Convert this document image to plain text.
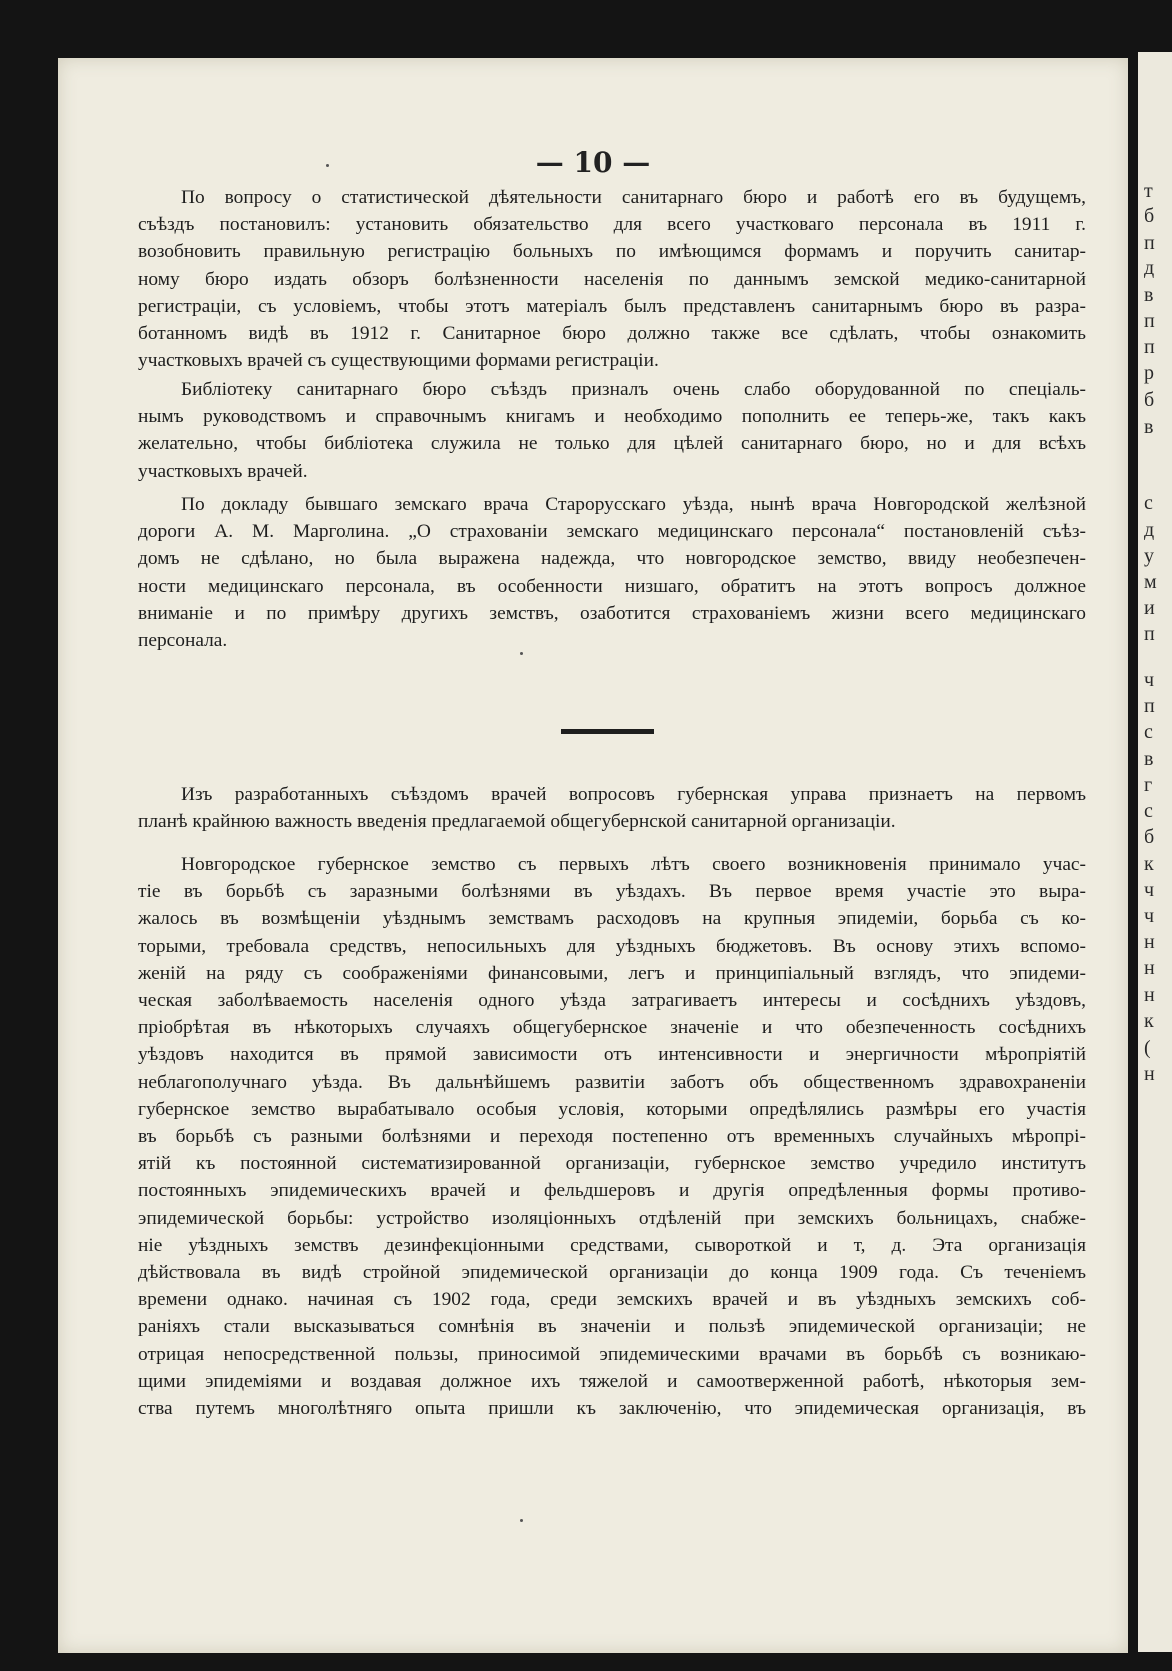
т
б
п
д
в
п
п
р
б
в
с
д
у
м
и
п
ч
п
с
в
г
с
б
к
ч
ч
н
н
н
к
(
н
— 10 —
По вопросу о статистической дѣятельности санитарнаго бюро и работѣ его въ будущемъ,
съѣздъ постановилъ: установить обязательство для всего участковаго персонала въ 1911 г.
возобновить правильную регистрацію больныхъ по имѣющимся формамъ и поручить санитар-
ному бюро издать обзоръ болѣзненности населенія по даннымъ земской медико-санитарной
регистраціи, съ условіемъ, чтобы этотъ матеріалъ былъ представленъ санитарнымъ бюро въ разра-
ботанномъ видѣ въ 1912 г. Санитарное бюро должно также все сдѣлать, чтобы ознакомить
участковыхъ врачей съ существующими формами регистраціи.
Библіотеку санитарнаго бюро съѣздъ призналъ очень слабо оборудованной по спеціаль-
нымъ руководствомъ и справочнымъ книгамъ и необходимо пополнить ее теперь-же, такъ какъ
желательно, чтобы библіотека служила не только для цѣлей санитарнаго бюро, но и для всѣхъ
участковыхъ врачей.
По докладу бывшаго земскаго врача Старорусскаго уѣзда, нынѣ врача Новгородской желѣзной
дороги А. М. Марголина. „О страхованіи земскаго медицинскаго персонала“ постановленій съѣз-
домъ не сдѣлано, но была выражена надежда, что новгородское земство, ввиду необезпечен-
ности медицинскаго персонала, въ особенности низшаго, обратитъ на этотъ вопросъ должное
вниманіе и по примѣру другихъ земствъ, озаботится страхованіемъ жизни всего медицинскаго
персонала.
Изъ разработанныхъ съѣздомъ врачей вопросовъ губернская управа признаетъ на первомъ
планѣ крайнюю важность введенія предлагаемой общегубернской санитарной организаціи.
Новгородское губернское земство съ первыхъ лѣтъ своего возникновенія принимало учас-
тіе въ борьбѣ съ заразными болѣзнями въ уѣздахъ. Въ первое время участіе это выра-
жалось въ возмѣщеніи уѣзднымъ земствамъ расходовъ на крупныя эпидеміи, борьба съ ко-
торыми, требовала средствъ, непосильныхъ для уѣздныхъ бюджетовъ. Въ основу этихъ вспомо-
женій на ряду съ соображеніями финансовыми, легъ и принципіальный взглядъ, что эпидеми-
ческая заболѣваемость населенія одного уѣзда затрагиваетъ интересы и сосѣднихъ уѣздовъ,
пріобрѣтая въ нѣкоторыхъ случаяхъ общегубернское значеніе и что обезпеченность сосѣднихъ
уѣздовъ находится въ прямой зависимости отъ интенсивности и энергичности мѣропріятій
неблагополучнаго уѣзда. Въ дальнѣйшемъ развитіи заботъ объ общественномъ здравохраненіи
губернское земство вырабатывало особыя условія, которыми опредѣлялись размѣры его участія
въ борьбѣ съ разными болѣзнями и переходя постепенно отъ временныхъ случайныхъ мѣропрі-
ятій къ постоянной систематизированной организаціи, губернское земство учредило институтъ
постоянныхъ эпидемическихъ врачей и фельдшеровъ и другія опредѣленныя формы противо-
эпидемической борьбы: устройство изоляціонныхъ отдѣленій при земскихъ больницахъ, снабже-
ніе уѣздныхъ земствъ дезинфекціонными средствами, сывороткой и т, д. Эта организація
дѣйствовала въ видѣ стройной эпидемической организаціи до конца 1909 года. Съ теченіемъ
времени однако. начиная съ 1902 года, среди земскихъ врачей и въ уѣздныхъ земскихъ соб-
раніяхъ стали высказываться сомнѣнія въ значеніи и пользѣ эпидемической организаціи; не
отрицая непосредственной пользы, приносимой эпидемическими врачами въ борьбѣ съ возникаю-
щими эпидеміями и воздавая должное ихъ тяжелой и самоотверженной работѣ, нѣкоторыя зем-
ства путемъ многолѣтняго опыта пришли къ заключенію, что эпидемическая организація, въ
